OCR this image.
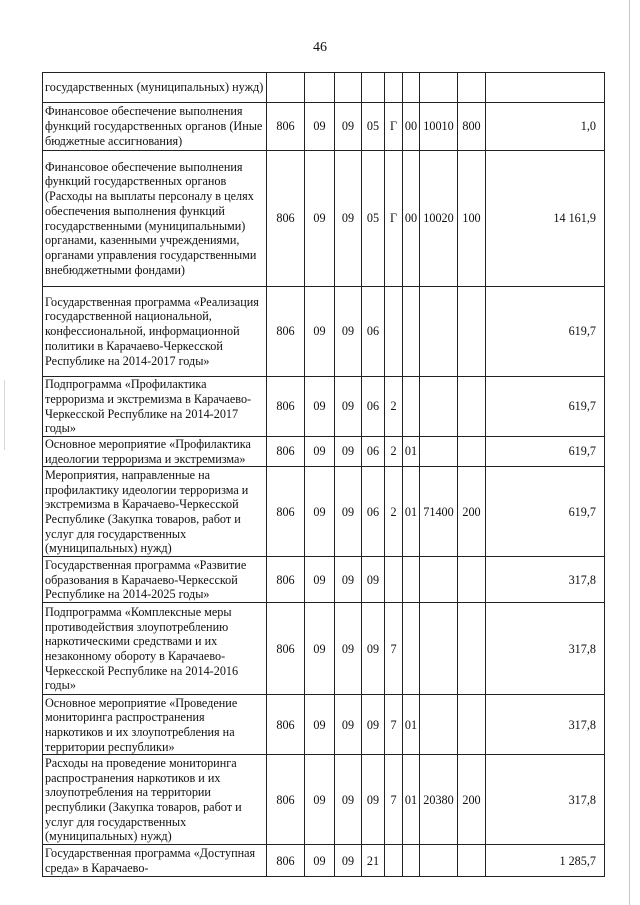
46
государственных (муниципальных) нужд)									
Финансовое обеспечение выполнения функций государственных органов (Иные бюджетные ассигнования)	806	09	09	05	Г	00	10010	800	1,0
Финансовое обеспечение выполнения функций государственных органов (Расходы на выплаты персоналу в целях обеспечения выполнения функций государственными (муниципальными) органами, казенными учреждениями, органами управления государственными внебюджетными фондами)	806	09	09	05	Г	00	10020	100	14 161,9
Государственная программа «Реализация государственной национальной, конфессиональной, информационной политики в Карачаево-Черкесской Республике на 2014-2017 годы»	806	09	09	06					619,7
Подпрограмма «Профилактика терроризма и экстремизма в Карачаево-Черкесской Республике на 2014-2017 годы»	806	09	09	06	2				619,7
Основное мероприятие «Профилактика идеологии терроризма и экстремизма»	806	09	09	06	2	01			619,7
Мероприятия, направленные на профилактику идеологии терроризма и экстремизма в Карачаево-Черкесской Республике (Закупка товаров, работ и услуг для государственных (муниципальных) нужд)	806	09	09	06	2	01	71400	200	619,7
Государственная программа «Развитие образования в Карачаево-Черкесской Республике на 2014-2025 годы»	806	09	09	09					317,8
Подпрограмма «Комплексные меры противодействия злоупотреблению наркотическими средствами и их незаконному обороту в Карачаево-Черкесской Республике на 2014-2016 годы»	806	09	09	09	7				317,8
Основное мероприятие «Проведение мониторинга распространения наркотиков и их злоупотребления на территории республики»	806	09	09	09	7	01			317,8
Расходы на проведение мониторинга распространения наркотиков и их злоупотребления на территории республики (Закупка товаров, работ и услуг для государственных (муниципальных) нужд)	806	09	09	09	7	01	20380	200	317,8
Государственная программа «Доступная среда» в Карачаево-	806	09	09	21					1 285,7
